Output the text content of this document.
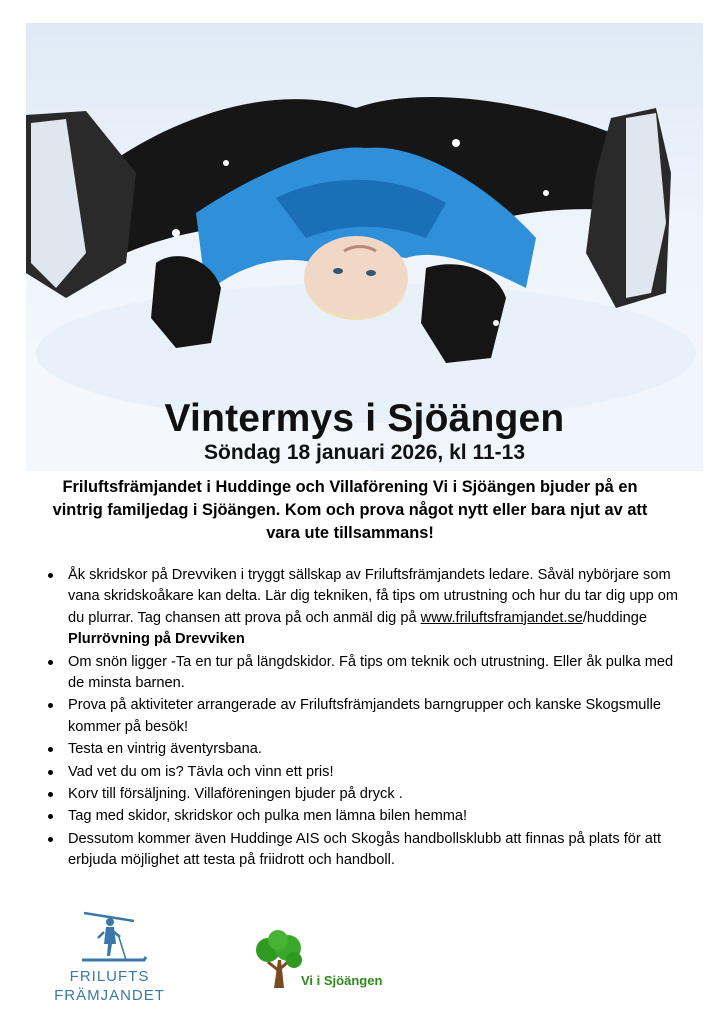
Vintermys i Sjöängen
Söndag 18 januari 2026, kl 11-13
Friluftsfrämjandet i Huddinge och Villaförening Vi i Sjöängen bjuder på en vintrig familjedag i Sjöängen. Kom och prova något nytt eller bara njut av att vara ute tillsammans!
Åk skridskor på Drevviken i tryggt sällskap av Friluftsfrämjandets ledare. Såväl nybörjare som vana skridskoåkare kan delta. Lär dig tekniken, få tips om utrustning och hur du tar dig upp om du plurrar. Tag chansen att prova på och anmäl dig på www.friluftsframjandet.se/huddinge Plurrövning på Drevviken
Om snön ligger -Ta en tur på längdskidor. Få tips om teknik och utrustning. Eller åk pulka med de minsta barnen.
Prova på aktiviteter arrangerade av Friluftsfrämjandets barngrupper och kanske Skogsmulle kommer på besök!
Testa en vintrig äventyrsbana.
Vad vet du om is? Tävla och vinn ett pris!
Korv till försäljning. Villaföreningen bjuder på dryck .
Tag med skidor, skridskor och pulka men lämna bilen hemma!
Dessutom kommer även Huddinge AIS och Skogås handbollsklubb att finnas på plats för att erbjuda möjlighet att testa på friidrott och handboll.
FRILUFTS
FRÄMJANDET
Vi i Sjöängen
